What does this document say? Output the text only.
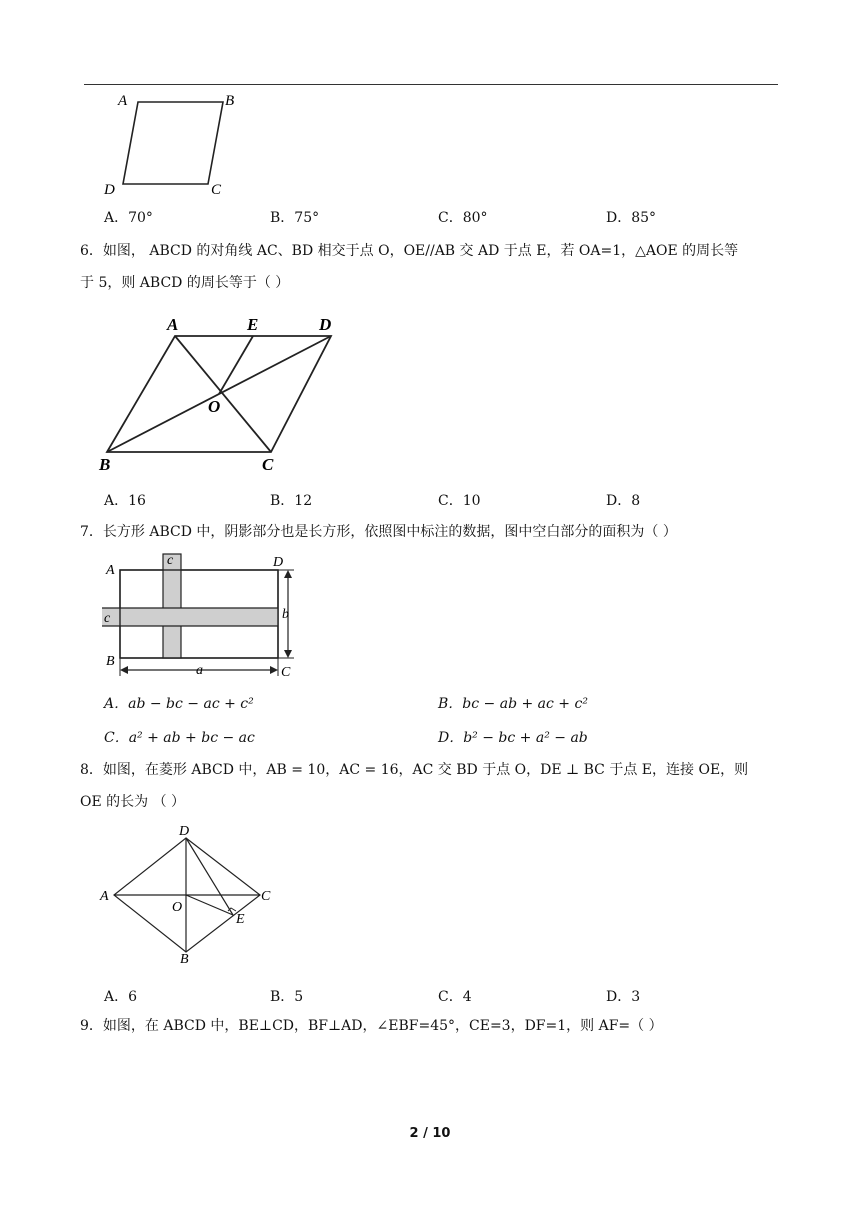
A	B
D	C
A．70°	B．75°	C．80°	D．85°
6．如图， ABCD 的对角线 AC、BD 相交于点 O，OE//AB 交 AD 于点 E，若 OA=1，△AOE 的周长等
于 5，则 ABCD 的周长等于（ ）
A	E	D
O
B	C
A．16	B．12	C．10	D．8
7．长方形 ABCD 中，阴影部分也是长方形，依照图中标注的数据，图中空白部分的面积为（ ）
A
D
B
C
c
c	b
a
A．ab − bc − ac + c²	B．bc − ab + ac + c²
C．a² + ab + bc − ac	D．b² − bc + a² − ab
8．如图，在菱形 ABCD 中，AB = 10，AC = 16，AC 交 BD 于点 O，DE ⊥ BC 于点 E，连接 OE，则
OE 的长为 （ ）
D
A	C
O
E
B
A．6	B．5	C．4	D．3
9．如图，在 ABCD 中，BE⊥CD，BF⊥AD，∠EBF=45°，CE=3，DF=1，则 AF=（ ）
2 / 10
